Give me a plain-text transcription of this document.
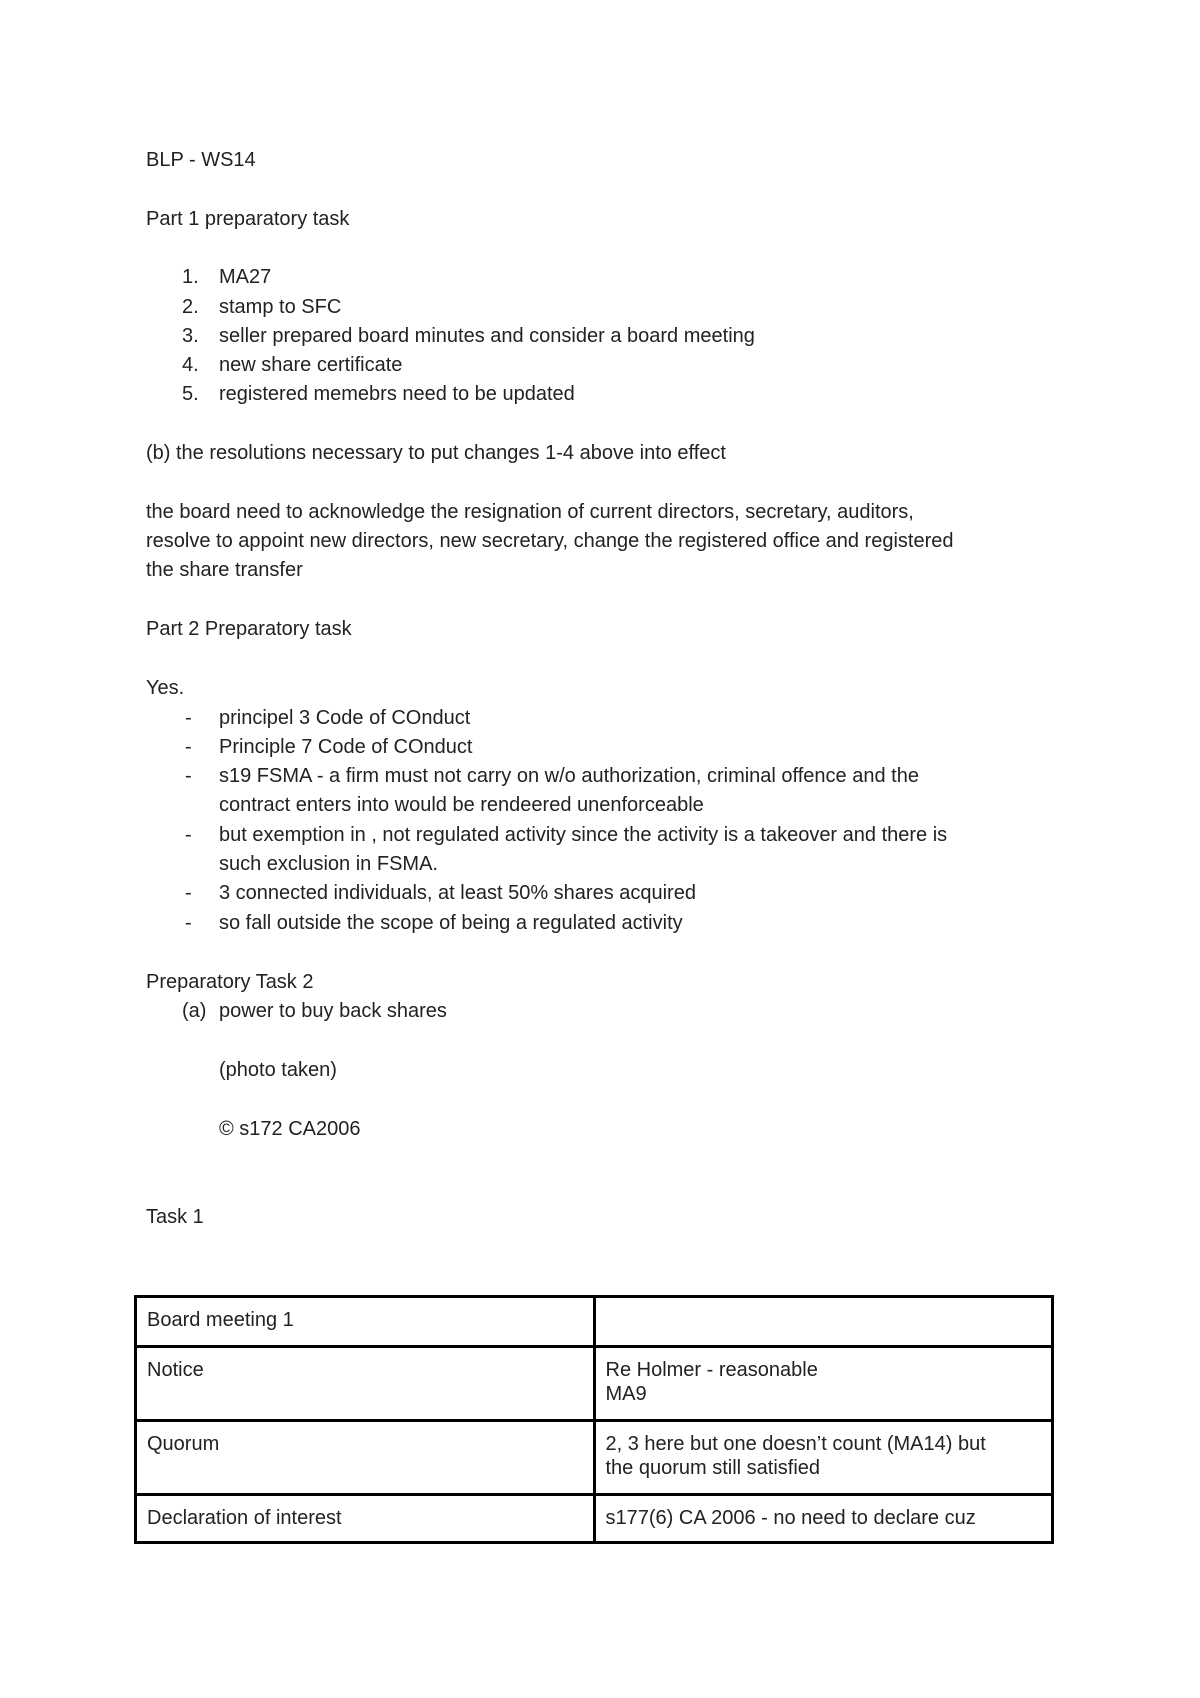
BLP - WS14
Part 1 preparatory task
1. MA27
2. stamp to SFC
3. seller prepared board minutes and consider a board meeting
4. new share certificate
5. registered memebrs need to be updated
(b) the resolutions necessary to put changes 1-4 above into effect
the board need to acknowledge the resignation of current directors, secretary, auditors,
resolve to appoint new directors, new secretary, change the registered office and registered
the share transfer
Part 2 Preparatory task
Yes.
- principel 3 Code of COnduct
- Principle 7 Code of COnduct
- s19 FSMA - a firm must not carry on w/o authorization, criminal offence and the
contract enters into would be rendeered unenforceable
- but exemption in , not regulated activity since the activity is a takeover and there is
such exclusion in FSMA.
- 3 connected individuals, at least 50% shares acquired
- so fall outside the scope of being a regulated activity
Preparatory Task 2
(a) power to buy back shares
(photo taken)
© s172 CA2006
Task 1
Board meeting 1	

Notice	Re Holmer - reasonable
MA9

Quorum	2, 3 here but one doesn’t count (MA14) but
the quorum still satisfied

Declaration of interest	s177(6) CA 2006 - no need to declare cuz
